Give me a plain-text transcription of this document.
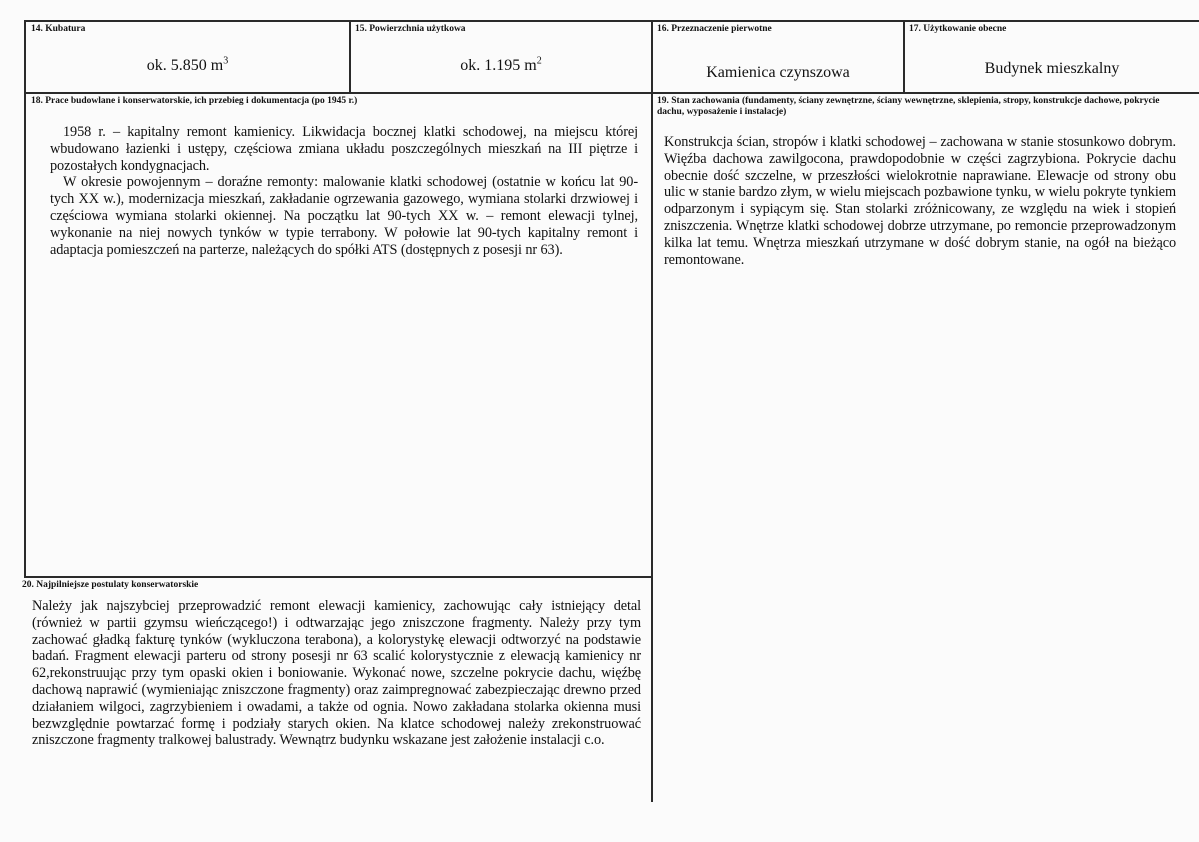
14. Kubatura
ok. 5.850 $m^3$
15. Powierzchnia użytkowa
ok. 1.195 $m^2$
16. Przeznaczenie pierwotne
Kamienica czynszowa
17. Użytkowanie obecne
Budynek mieszkalny
18. Prace budowlane i konserwatorskie, ich przebieg i dokumentacja (po 1945 r.)

1958 r. – kapitalny remont kamienicy. Likwidacja bocznej klatki schodowej, na miejscu której wbudowano łazienki i ustępy, częściowa zmiana układu poszczególnych mieszkań na III piętrze i pozostałych kondygnacjach.

W okresie powojennym – doraźne remonty: malowanie klatki schodowej (ostatnie w końcu lat 90-tych XX w.), modernizacja mieszkań, zakładanie ogrzewania gazowego, wymiana stolarki drzwiowej i częściowa wymiana stolarki okiennej. Na początku lat 90-tych XX w. – remont elewacji tylnej, wykonanie na niej nowych tynków w typie terrabony. W połowie lat 90-tych kapitalny remont i adaptacja pomieszczeń na parterze, należących do spółki ATS (dostępnych z posesji nr 63).

19. Stan zachowania (fundamenty, ściany zewnętrzne, ściany wewnętrzne, sklepienia, stropy, konstrukcje dachowe, pokrycie dachu, wyposażenie i instalacje)
Konstrukcja ścian, stropów i klatki schodowej – zachowana w stanie stosunkowo dobrym. Więźba dachowa zawilgocona, prawdopodobnie w części zagrzybiona. Pokrycie dachu obecnie dość szczelne, w przeszłości wielokrotnie naprawiane. Elewacje od strony obu ulic w stanie bardzo złym, w wielu miejscach pozbawione tynku, w wielu pokryte tynkiem odparzonym i sypiącym się. Stan stolarki zróżnicowany, ze względu na wiek i stopień zniszczenia. Wnętrze klatki schodowej dobrze utrzymane, po remoncie przeprowadzonym kilka lat temu. Wnętrza mieszkań utrzymane w dość dobrym stanie, na ogół na bieżąco remontowane.
20. Najpilniejsze postulaty konserwatorskie
Należy jak najszybciej przeprowadzić remont elewacji kamienicy, zachowując cały istniejący detal (również w partii gzymsu wieńczącego!) i odtwarzając jego zniszczone fragmenty. Należy przy tym zachować gładką fakturę tynków (wykluczona terabona), a kolorystykę elewacji odtworzyć na podstawie badań. Fragment elewacji parteru od strony posesji nr 63 scalić kolorystycznie z elewacją kamienicy nr 62,rekonstruując przy tym opaski okien i boniowanie. Wykonać nowe, szczelne pokrycie dachu, więźbę dachową naprawić (wymieniając zniszczone fragmenty) oraz zaimpregnować zabezpieczając drewno przed działaniem wilgoci, zagrzybieniem i owadami, a także od ognia. Nowo zakładana stolarka okienna musi bezwzględnie powtarzać formę i podziały starych okien. Na klatce schodowej należy zrekonstruować zniszczone fragmenty tralkowej balustrady. Wewnątrz budynku wskazane jest założenie instalacji c.o.
